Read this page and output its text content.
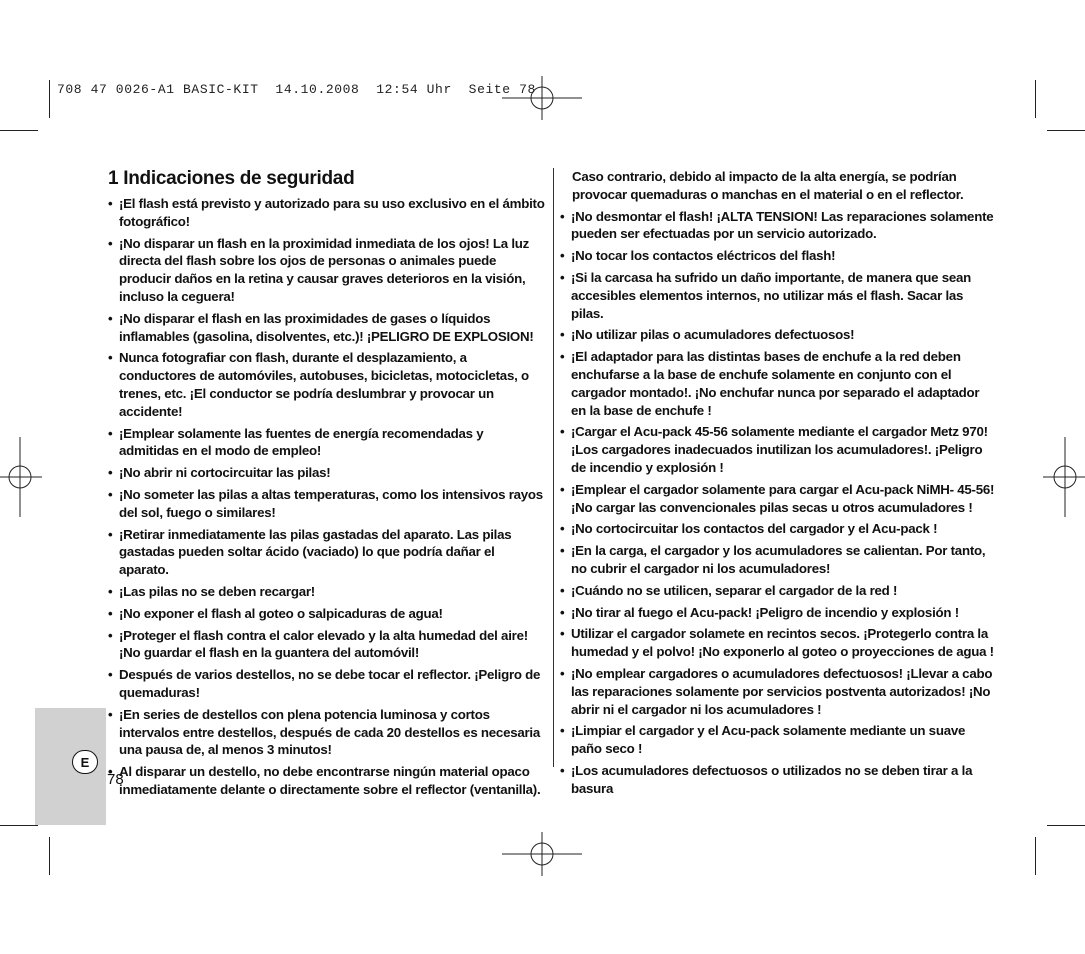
708 47 0026-A1 BASIC-KIT  14.10.2008  12:54 Uhr  Seite 78
E
78
1 Indicaciones de seguridad
• ¡El flash está previsto y autorizado para su uso exclusivo en el ámbito fotográfico!
• ¡No disparar un flash en la proximidad inmediata de los ojos! La luz directa del flash sobre los ojos de personas o animales puede producir daños en la retina y causar graves deterioros en la visión, incluso la ceguera!
• ¡No disparar el flash en las proximidades de gases o líquidos inflamables (gasolina, disolventes, etc.)! ¡PELIGRO DE EXPLOSION!
• Nunca fotografiar con flash, durante el desplazamiento, a conductores de automóviles, autobuses, bicicletas, motocicletas, o trenes, etc. ¡El conductor se podría deslumbrar y provocar un accidente!
• ¡Emplear solamente las fuentes de energía recomendadas y admitidas en el modo de empleo!
• ¡No abrir ni cortocircuitar las pilas!
• ¡No someter las pilas a altas temperaturas, como los intensivos rayos del sol, fuego o similares!
• ¡Retirar inmediatamente las pilas gastadas del aparato. Las pilas gastadas pueden soltar ácido (vaciado) lo que podría dañar el aparato.
• ¡Las pilas no se deben recargar!
• ¡No exponer el flash al goteo o salpicaduras de agua!
• ¡Proteger el flash contra el calor elevado y la alta humedad del aire! ¡No guardar el flash en la guantera del automóvil!
• Después de varios destellos, no se debe tocar el reflector. ¡Peligro de quemaduras!
• ¡En series de destellos con plena potencia luminosa y cortos intervalos entre destellos, después de cada 20 destellos es necesaria una pausa de, al menos 3 minutos!
• Al disparar un destello, no debe encontrarse ningún material opaco inmediatamente delante o directamente sobre el reflector (ventanilla).
Caso contrario, debido al impacto de la alta energía, se podrían provocar quemaduras o manchas en el material o en el reflector.
• ¡No desmontar el flash! ¡ALTA TENSION! Las reparaciones solamente pueden ser efectuadas por un servicio autorizado.
• ¡No tocar los contactos eléctricos del flash!
• ¡Si la carcasa ha sufrido un daño importante, de manera que sean accesibles elementos internos, no utilizar más el flash. Sacar las pilas.
• ¡No utilizar pilas o acumuladores defectuosos!
• ¡El adaptador para las distintas bases de enchufe a la red deben enchufarse a la base de enchufe solamente en conjunto con el cargador montado!. ¡No enchufar nunca por separado el adaptador en la base de enchufe !
• ¡Cargar el Acu-pack 45-56 solamente mediante el cargador Metz 970! ¡Los cargadores inadecuados inutilizan los acumuladores!. ¡Peligro de incendio y explosión !
• ¡Emplear el cargador solamente para cargar el Acu-pack NiMH- 45-56! ¡No cargar las convencionales pilas secas u otros acumuladores !
• ¡No cortocircuitar los contactos del cargador y el Acu-pack !
• ¡En la carga, el cargador y los acumuladores se calientan. Por tanto, no cubrir el cargador ni los acumuladores!
• ¡Cuándo no se utilicen, separar el cargador de la red !
• ¡No tirar al fuego el Acu-pack! ¡Peligro de incendio y explosión !
• Utilizar el cargador solamete en recintos secos. ¡Protegerlo contra la humedad y el polvo! ¡No exponerlo al goteo o proyecciones de agua !
• ¡No emplear cargadores o acumuladores defectuosos! ¡Llevar a cabo las reparaciones solamente por servicios postventa autorizados! ¡No abrir ni el cargador ni los acumuladores !
• ¡Limpiar el cargador y el Acu-pack solamente mediante un suave paño seco !
• ¡Los acumuladores defectuosos o utilizados no se deben tirar a la basura
